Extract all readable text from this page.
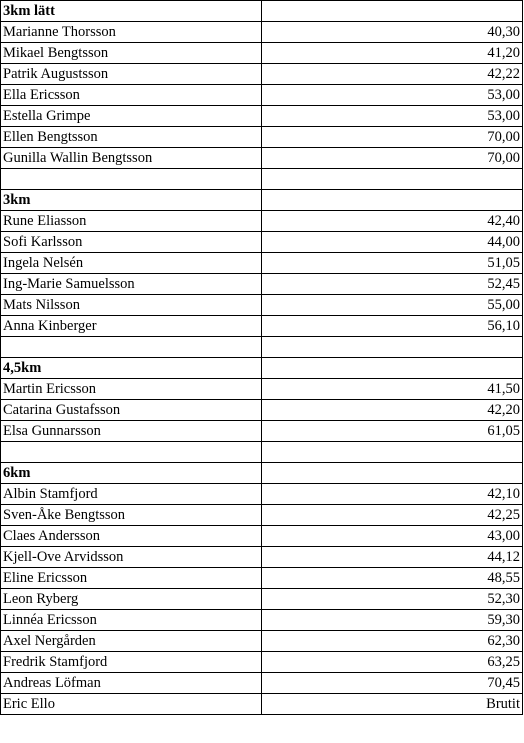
3km lätt	
Marianne Thorsson	40,30
Mikael Bengtsson	41,20
Patrik Augustsson	42,22
Ella Ericsson	53,00
Estella Grimpe	53,00
Ellen Bengtsson	70,00
Gunilla Wallin Bengtsson	70,00

3km	
Rune Eliasson	42,40
Sofi Karlsson	44,00
Ingela Nelsén	51,05
Ing-Marie Samuelsson	52,45
Mats Nilsson	55,00
Anna Kinberger	56,10

4,5km	
Martin Ericsson	41,50
Catarina Gustafsson	42,20
Elsa Gunnarsson	61,05

6km	
Albin Stamfjord	42,10
Sven-Åke Bengtsson	42,25
Claes Andersson	43,00
Kjell-Ove Arvidsson	44,12
Eline Ericsson	48,55
Leon Ryberg	52,30
Linnéa Ericsson	59,30
Axel Nergården	62,30
Fredrik Stamfjord	63,25
Andreas Löfman	70,45
Eric Ello	Brutit
